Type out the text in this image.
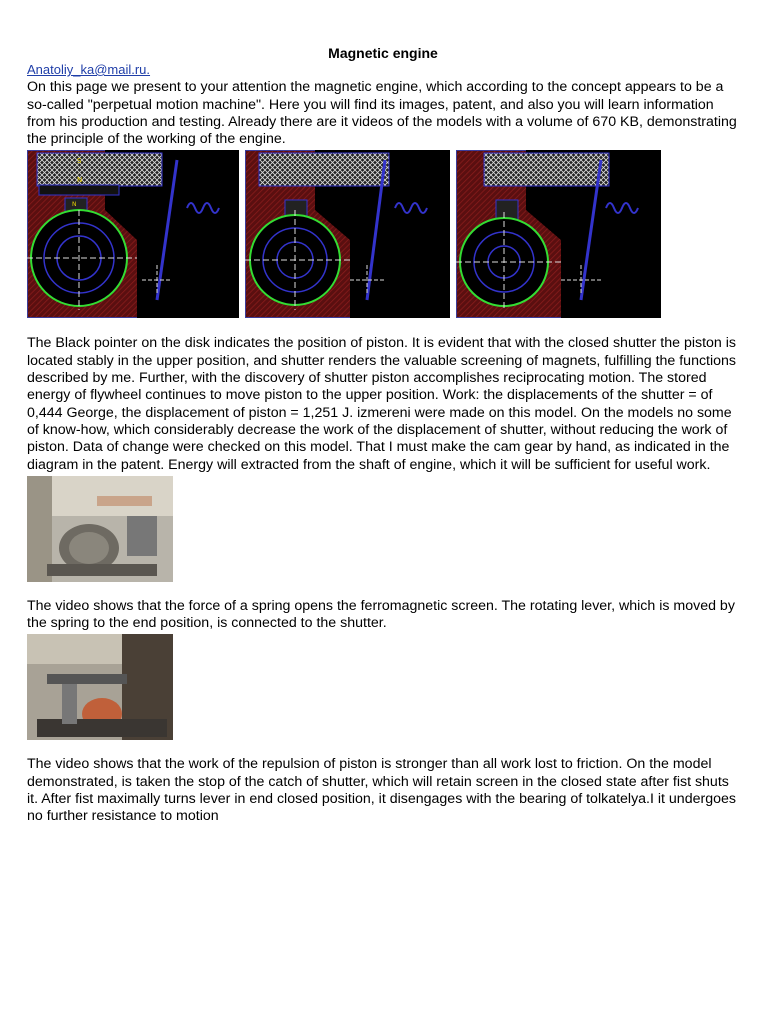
Magnetic engine
Anatoliy_ka@mail.ru.

On this page we present to your attention the magnetic engine, which according to the concept appears to be a so-called "perpetual motion machine". Here you will find its images, patent, and also you will learn information from his production and testing. Already there are it videos of the models with a volume of 670 KB, demonstrating the principle of the working of the engine.

S
N
N

The Black pointer on the disk indicates the position of piston. It is evident that with the closed shutter the piston is located stably in the upper position, and shutter renders the valuable screening of magnets, fulfilling the functions described by me. Further, with the discovery of shutter piston accomplishes reciprocating motion. The stored energy of flywheel continues to move piston to the upper position. Work: the displacements of the shutter = of 0,444 George, the displacement of piston = 1,251 J. izmereni were made on this model. On the models no some of know-how, which considerably decrease the work of the displacement of shutter, without reducing the work of piston. Data of change were checked on this model. That I must make the cam gear by hand, as indicated in the diagram in the patent. Energy will extracted from the shaft of engine, which it will be sufficient for useful work.

The video shows that the force of a spring opens the ferromagnetic screen. The rotating lever, which is moved by the spring to the end position, is connected to the shutter.

The video shows that the work of the repulsion of piston is stronger than all work lost to friction. On the model demonstrated, is taken the stop of the catch of shutter, which will retain screen in the closed state after fist shuts it. After fist maximally turns lever in end closed position, it disengages with the bearing of tolkatelya.I it undergoes no further resistance to motion
